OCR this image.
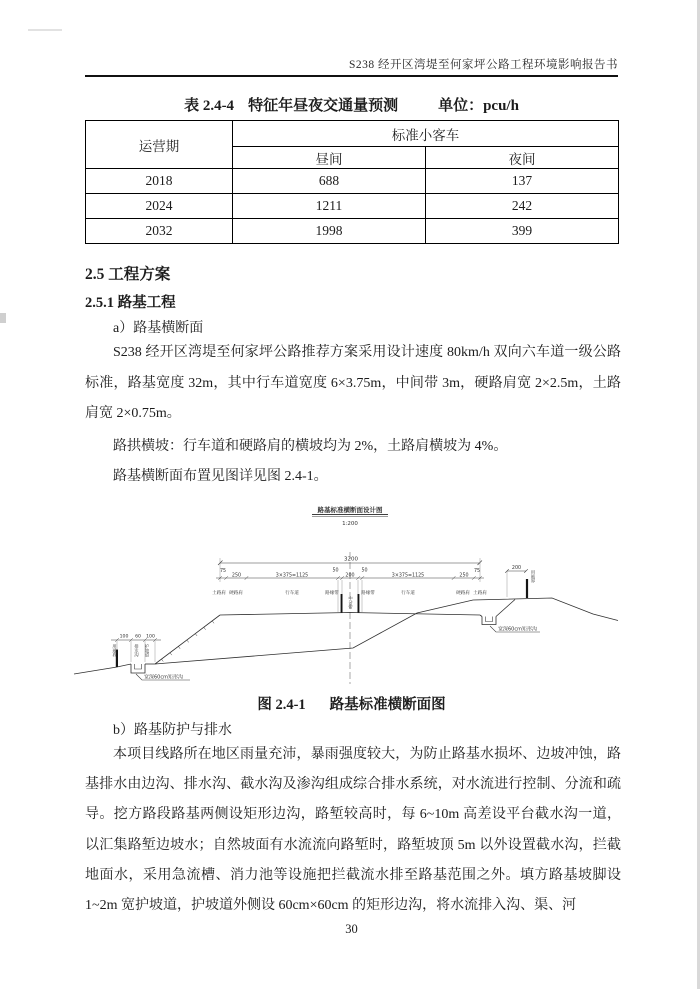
S238 经开区湾堤至何家坪公路工程环境影响报告书
表 2.4-4 特征年昼夜交通量预测	单位：pcu/h
运营期	标准小客车	
	昼间	夜间
2018	688	137
2024	1211	242
2032	1998	399
2.5 工程方案
2.5.1 路基工程
a）路基横断面
S238 经开区湾堤至何家坪公路推荐方案采用设计速度 80km/h 双向六车道一级公路标准，路基宽度 32m，其中行车道宽度 6×3.75m，中间带 3m，硬路肩宽 2×2.5m，土路肩宽 2×0.75m。
路拱横坡：行车道和硬路肩的横坡均为 2%，土路肩横坡为 4%。
路基横断面布置见图详见图 2.4-1。
路基标准横断面设计图
1:200
3200
75
250	3×375=1125
50
200
50
3×375=1125	250
75
土路肩 硬路肩	行车道	路缘带
中分带
路缘带	行车道	硬路肩 土路肩
100 60 100
用地界	排水沟 护坡道
宽深60cm矩形沟
宽深60cm矩形沟
200
用地界
图 2.4-1 路基标准横断面图
b）路基防护与排水
本项目线路所在地区雨量充沛，暴雨强度较大，为防止路基水损坏、边坡冲蚀，路基排水由边沟、排水沟、截水沟及渗沟组成综合排水系统，对水流进行控制、分流和疏导。挖方路段路基两侧设矩形边沟，路堑较高时，每 6~10m 高差设平台截水沟一道，以汇集路堑边坡水；自然坡面有水流流向路堑时，路堑坡顶 5m 以外设置截水沟，拦截地面水，采用急流槽、消力池等设施把拦截流水排至路基范围之外。填方路基坡脚设 1~2m 宽护坡道，护坡道外侧设 60cm×60cm 的矩形边沟，将水流排入沟、渠、河
30
